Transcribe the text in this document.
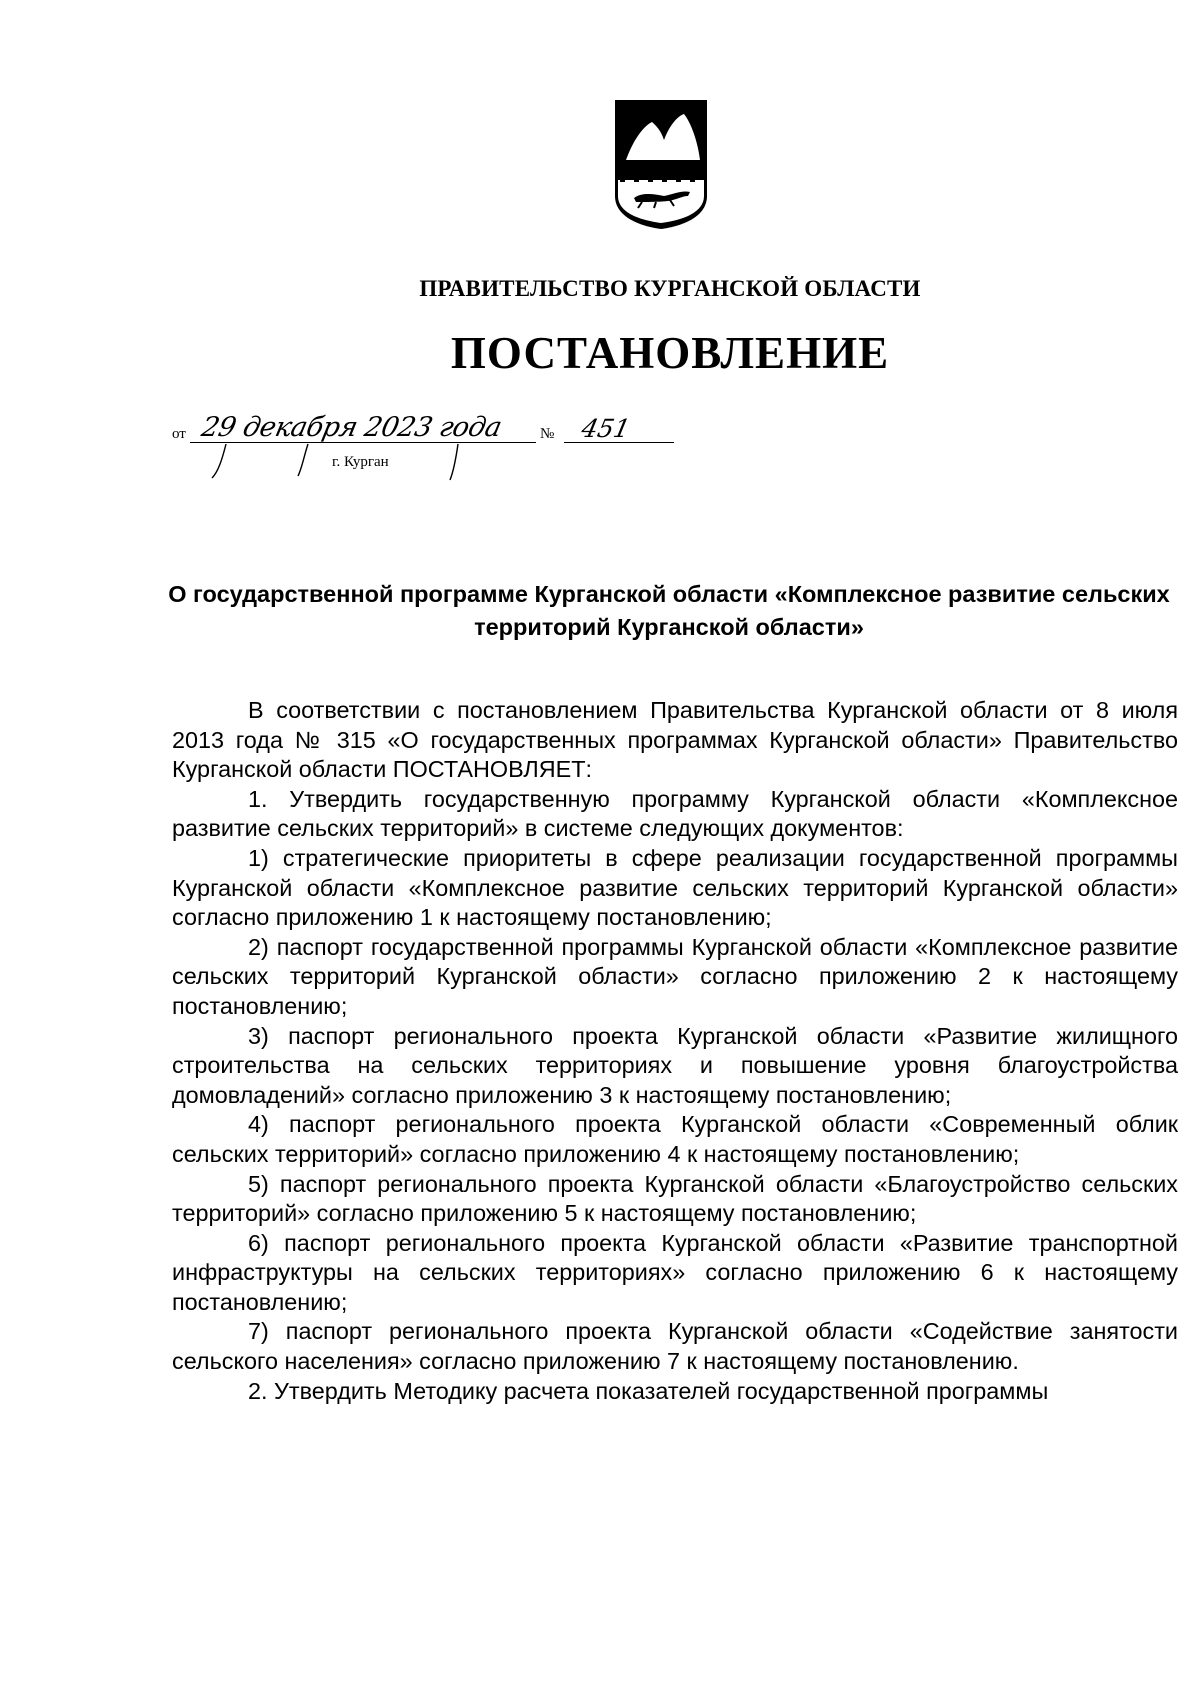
ПРАВИТЕЛЬСТВО КУРГАНСКОЙ ОБЛАСТИ
ПОСТАНОВЛЕНИЕ
от 29 декабря 2023 года № 451
г. Курган
О государственной программе Курганской области «Комплексное развитие сельских территорий Курганской области»

В соответствии с постановлением Правительства Курганской области от 8 июля 2013 года № 315 «О государственных программах Курганской области» Правительство Курганской области ПОСТАНОВЛЯЕТ:

1. Утвердить государственную программу Курганской области «Комплексное развитие сельских территорий» в системе следующих документов:

1) стратегические приоритеты в сфере реализации государственной программы Курганской области «Комплексное развитие сельских территорий Курганской области» согласно приложению 1 к настоящему постановлению;

2) паспорт государственной программы Курганской области «Комплексное развитие сельских территорий Курганской области» согласно приложению 2 к настоящему постановлению;

3) паспорт регионального проекта Курганской области «Развитие жилищного строительства на сельских территориях и повышение уровня благоустройства домовладений» согласно приложению 3 к настоящему постановлению;

4) паспорт регионального проекта Курганской области «Современный облик сельских территорий» согласно приложению 4 к настоящему постановлению;

5) паспорт регионального проекта Курганской области «Благоустройство сельских территорий» согласно приложению 5 к настоящему постановлению;

6) паспорт регионального проекта Курганской области «Развитие транспортной инфраструктуры на сельских территориях» согласно приложению 6 к настоящему постановлению;

7) паспорт регионального проекта Курганской области «Содействие занятости сельского населения» согласно приложению 7 к настоящему постановлению.

2. Утвердить Методику расчета показателей государственной программы
